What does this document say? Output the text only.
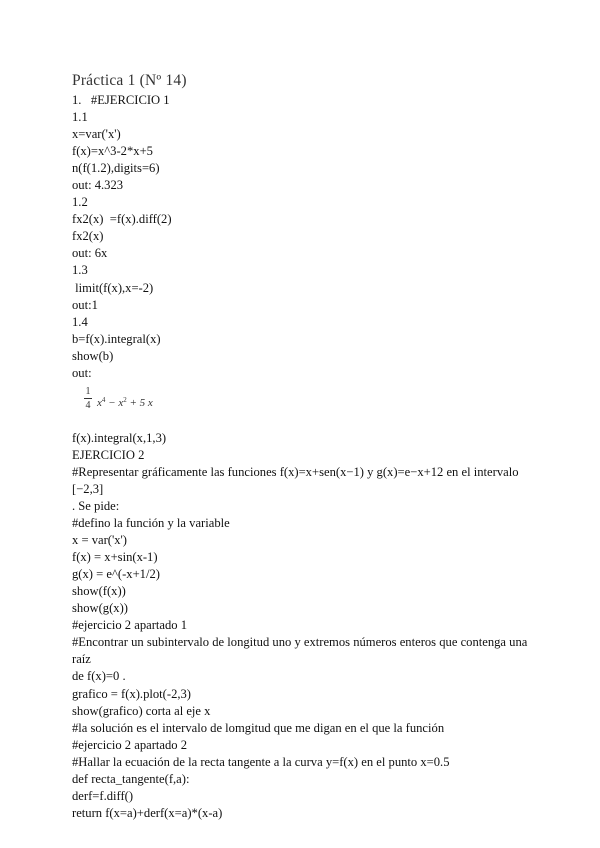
Práctica 1 (Nº 14)
1.   #EJERCICIO 1
1.1
x=var('x')
f(x)=x^3-2*x+5
n(f(1.2),digits=6)
out: 4.323
1.2
fx2(x)  =f(x).diff(2)
fx2(x)
out: 6x
1.3
limit(f(x),x=-2)
out:1
1.4
b=f(x).integral(x)
show(b)
out:
1
4 $x^4 - x^2 + 5$ x
f(x).integral(x,1,3)
EJERCICIO 2
#Representar gráficamente las funciones f(x)=x+sen(x−1) y g(x)=e−x+12 en el intervalo
[−2,3]
. Se pide:
#defino la función y la variable
x = var('x')
f(x) = x+sin(x-1)
g(x) = e^(-x+1/2)
show(f(x))
show(g(x))
#ejercicio 2 apartado 1
#Encontrar un subintervalo de longitud uno y extremos números enteros que contenga una
raíz
de f(x)=0 .
grafico = f(x).plot(-2,3)
show(grafico) corta al eje x
#la solución es el intervalo de lomgitud que me digan en el que la función
#ejercicio 2 apartado 2
#Hallar la ecuación de la recta tangente a la curva y=f(x) en el punto x=0.5
def recta_tangente(f,a):
derf=f.diff()
return f(x=a)+derf(x=a)*(x-a)
